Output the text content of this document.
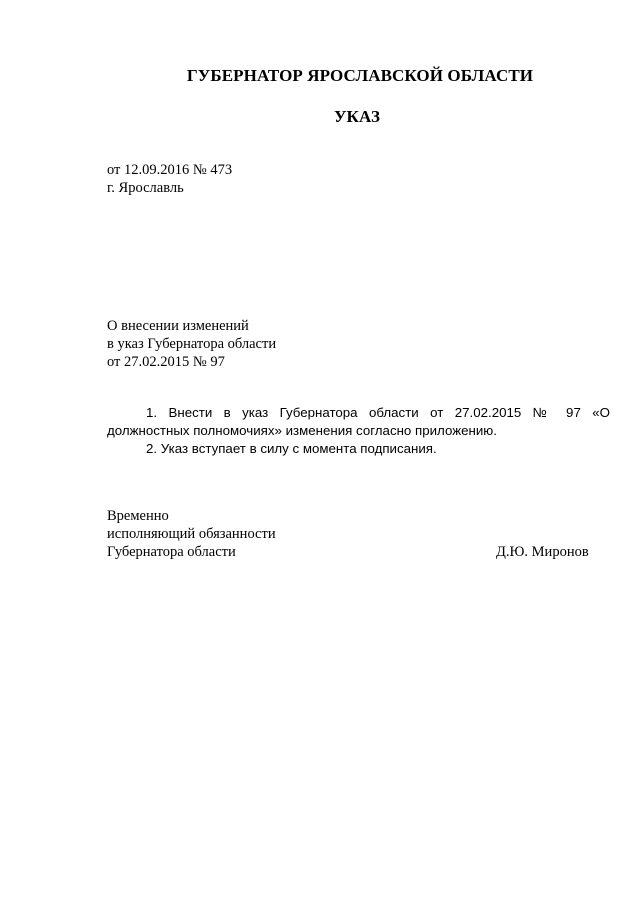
ГУБЕРНАТОР ЯРОСЛАВСКОЙ ОБЛАСТИ
УКАЗ
от 12.09.2016 № 473
г. Ярославль
О внесении изменений
в указ Губернатора области
от 27.02.2015 № 97
1. Внести в указ Губернатора области от 27.02.2015 № 97 «О
должностных полномочиях» изменения согласно приложению.
2. Указ вступает в силу с момента подписания.
Временно
исполняющий обязанности
Губернатора области	Д.Ю. Миронов
